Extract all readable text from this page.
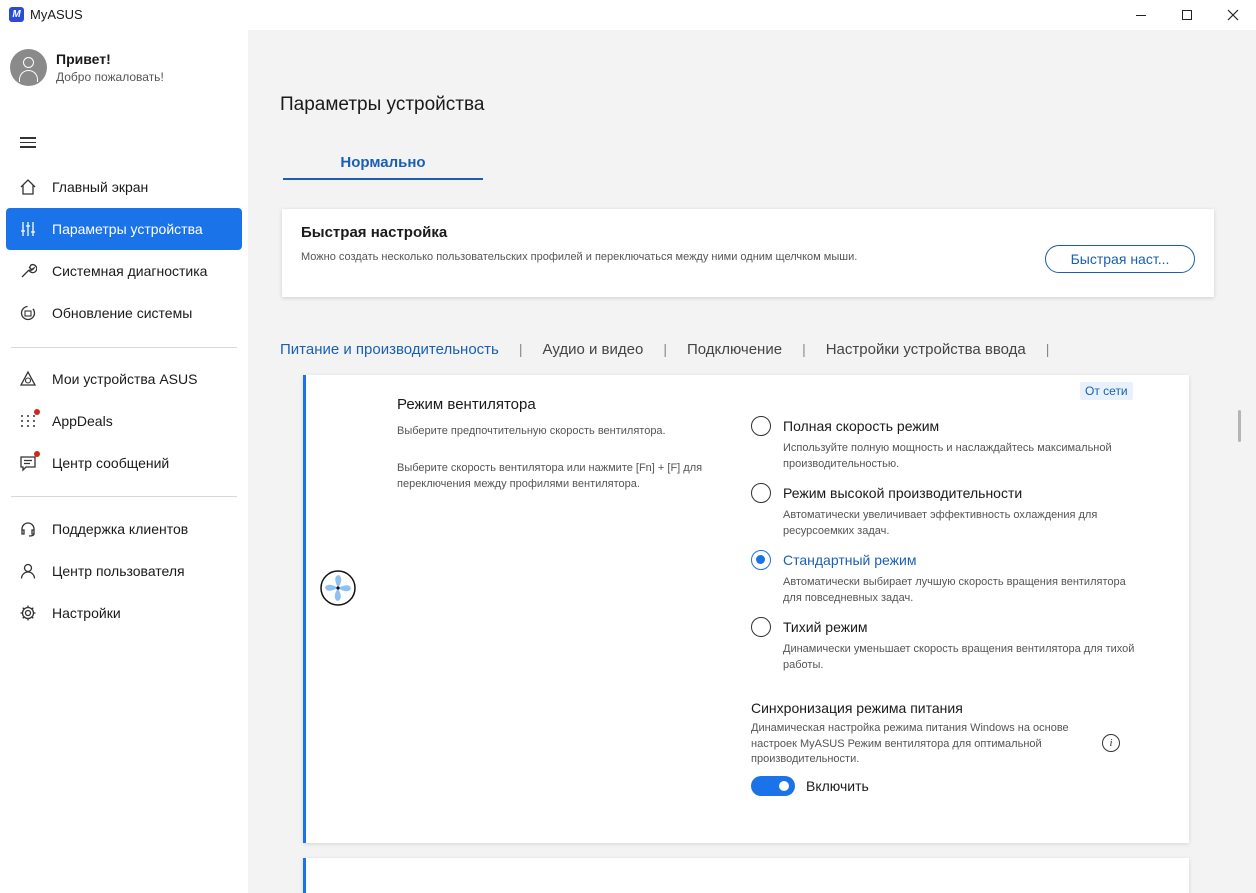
M MyASUS
Привет!
Добро пожаловать!
Главный экран
Параметры устройства
Системная диагностика
Обновление системы
Мои устройства ASUS
AppDeals
Центр сообщений
Поддержка клиентов
Центр пользователя
Настройки
Параметры устройства
Нормально
Быстрая настройка
Можно создать несколько пользовательских профилей и переключаться между ними одним щелчком мыши.	Быстрая наст...
Питание и производительность | Аудио и видео | Подключение | Настройки устройства ввода |
От сети
Режим вентилятора
Выберите предпочтительную скорость вентилятора.
Выберите скорость вентилятора или нажмите [Fn] + [F] для переключения между профилями вентилятора.
Полная скорость режим
Используйте полную мощность и наслаждайтесь максимальной производительностью.
Режим высокой производительности
Автоматически увеличивает эффективность охлаждения для ресурсоемких задач.
Стандартный режим
Автоматически выбирает лучшую скорость вращения вентилятора для повседневных задач.
Тихий режим
Динамически уменьшает скорость вращения вентилятора для тихой работы.
Синхронизация режима питания
Динамическая настройка режима питания Windows на основе настроек MyASUS Режим вентилятора для оптимальной производительности.
i
Включить
